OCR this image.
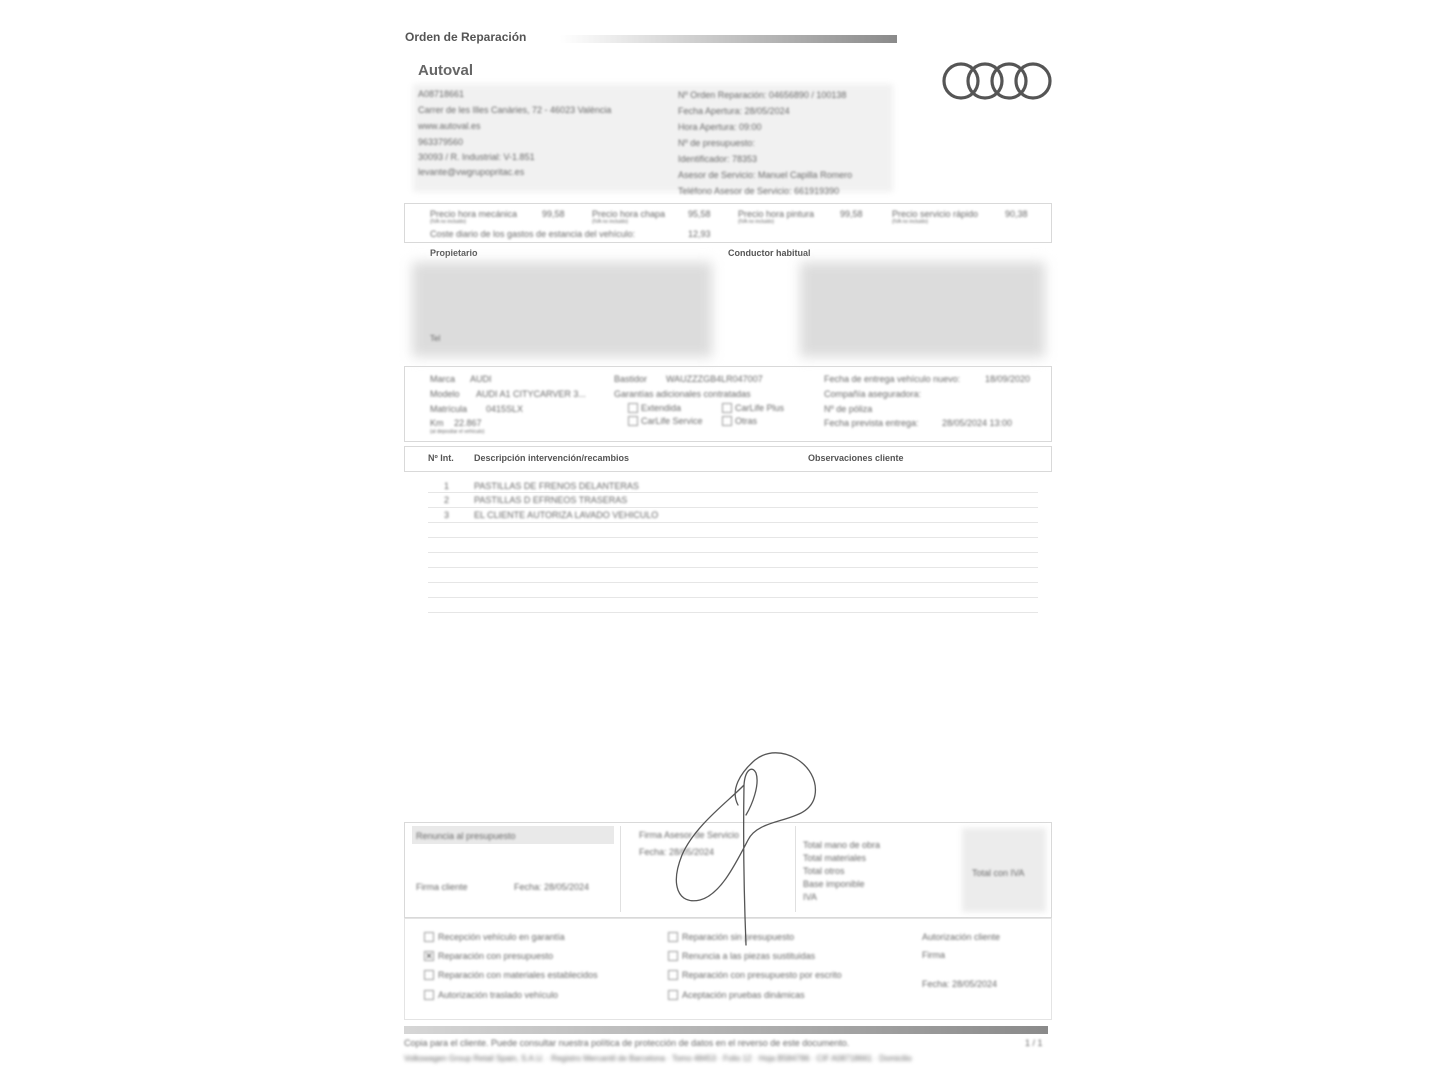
Orden de Reparación
Autoval
A08718661
Carrer de les Illes Canàries, 72 - 46023 València
www.autoval.es
963379560
30093 / R. Industrial: V-1.851
levante@vwgrupopritac.es
Nº Orden Reparación: 04656890 / 100138
Fecha Apertura: 28/05/2024
Hora Apertura: 09:00
Nº de presupuesto:
Identificador: 78353
Asesor de Servicio: Manuel Capilla Romero
Teléfono Asesor de Servicio: 661919390
Precio hora mecánica	99,58	Precio hora chapa	95,58	Precio hora pintura	99,58	Precio servicio rápido	90,38
(IVA no incluido)	(IVA no incluido)	(IVA no incluido)	(IVA no incluido)
Coste diario de los gastos de estancia del vehículo:	12,93
Propietario	Conductor habitual
Tel
Marca AUDI
Modelo AUDI A1 CITYCARVER 3...
Matrícula 0415SLX
Km 22.867
(al depositar el vehículo)
Bastidor WAUZZZGB4LR047007
Garantías adicionales contratadas
Extendida	CarLife Plus
CarLife Service	Otras
Fecha de entrega vehículo nuevo:	18/09/2020
Compañía aseguradora:
Nº de póliza
Fecha prevista entrega:	28/05/2024 13:00
Nº Int. Descripción intervención/recambios	Observaciones cliente
1	PASTILLAS DE FRENOS DELANTERAS
2	PASTILLAS D EFRNEOS TRASERAS
3	EL CLIENTE AUTORIZA LAVADO VEHICULO
Renuncia al presupuesto
Firma cliente	Fecha: 28/05/2024
Firma Asesor de Servicio
Fecha: 28/05/2024
Total mano de obra
Total materiales
Total otros
Base imponible
IVA
Total con IVA
Recepción vehículo en garantía
✕ Reparación con presupuesto
Reparación con materiales establecidos
Autorización traslado vehículo
Reparación sin presupuesto
Renuncia a las piezas sustituidas
Reparación con presupuesto por escrito
Aceptación pruebas dinámicas
Autorización cliente
Firma
Fecha: 28/05/2024
Copia para el cliente. Puede consultar nuestra política de protección de datos en el reverso de este documento.	1 / 1
Volkswagen Group Retail Spain, S.A.U. · Registro Mercantil de Barcelona · Tomo 48453 · Folio 12 · Hoja B584786 · CIF A08718661 · Domicilio
